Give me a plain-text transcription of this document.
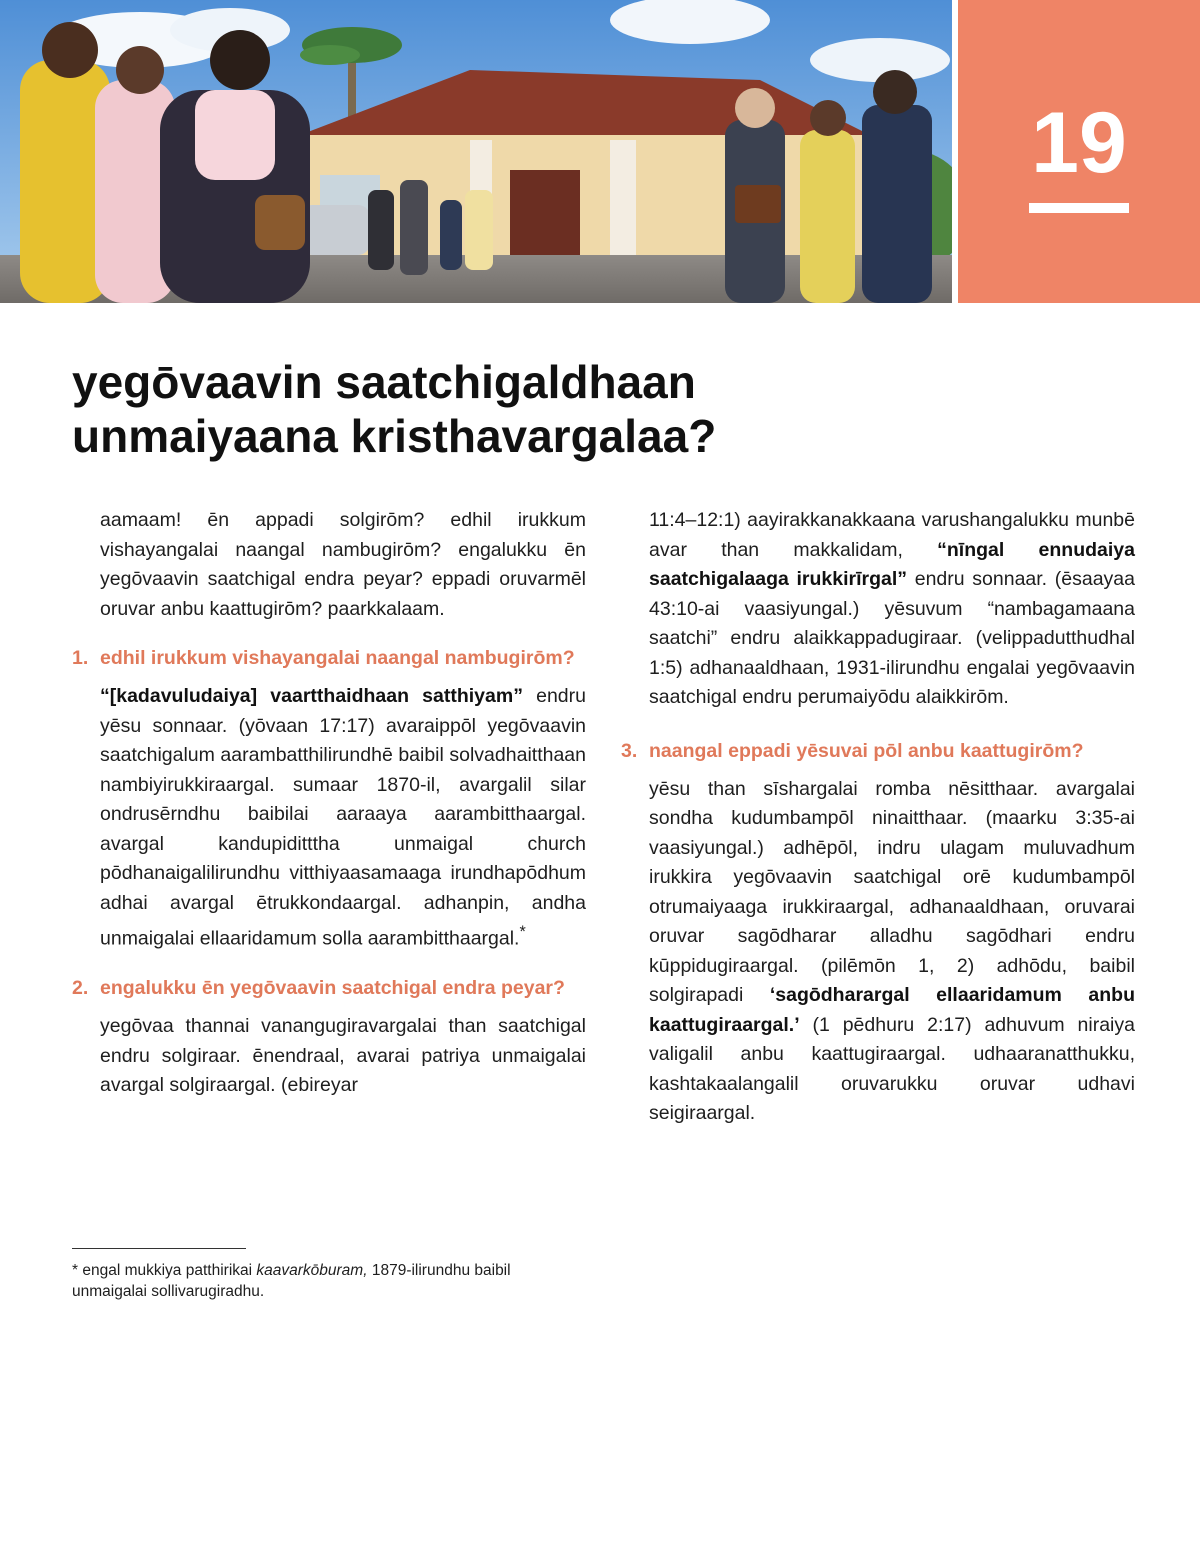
19
yegōvaavin saatchigaldhaan
unmaiyaana kristhavargalaa?

aamaam! ēn appadi solgirōm? edhil irukkum vishayangalai naangal nambugirōm? engalukku ēn yegōvaavin saatchigal endra peyar? eppadi oruvarmēl oruvar anbu kaattugirōm? paarkkalaam.

1. edhil irukkum vishayangalai naangal nambugirōm?

“[kadavuludaiya] vaartthaidhaan satthiyam” endru yēsu sonnaar. (yōvaan 17:17) avaraippōl yegōvaavin saatchigalum aarambatthilirundhē baibil solvadhaitthaan nambiyirukkiraargal. sumaar 1870-il, avargalil silar ondrusērndhu baibilai aaraaya aarambitthaargal. avargal kandupiditttha unmaigal church pōdhanaigalilirundhu vitthiyaasamaaga irundhapōdhum adhai avargal ētrukkondaargal. adhanpin, andha unmaigalai ellaaridamum solla aarambitthaargal.*

2. engalukku ēn yegōvaavin saatchigal endra peyar?

yegōvaa thannai vanangugiravargalai than saatchigal endru solgiraar. ēnendraal, avarai patriya unmaigalai avargal solgiraargal. (ebireyar

* engal mukkiya patthirikai kaavarkōburam, 1879-ilirundhu baibil unmaigalai sollivarugiradhu.

11:4–12:1) aayirakkanakkaana varushangalukku munbē avar than makkalidam, “nīngal ennudaiya saatchigalaaga irukkirīrgal” endru sonnaar. (ēsaayaa 43:10-ai vaasiyungal.) yēsuvum “nambagamaana saatchi” endru alaikkappadugiraar. (velippadutthudhal 1:5) adhanaaldhaan, 1931-ilirundhu engalai yegōvaavin saatchigal endru perumaiyōdu alaikkirōm.

3. naangal eppadi yēsuvai pōl anbu kaattugirōm?

yēsu than sīshargalai romba nēsitthaar. avargalai sondha kudumbampōl ninaitthaar. (maarku 3:35-ai vaasiyungal.) adhēpōl, indru ulagam muluvadhum irukkira yegōvaavin saatchigal orē kudumbampōl otrumaiyaaga irukkiraargal, adhanaaldhaan, oruvarai oruvar sagōdharar alladhu sagōdhari endru kūppidugiraargal. (pilēmōn 1, 2) adhōdu, baibil solgirapadi ‘sagōdharargal ellaaridamum anbu kaattugiraargal.’ (1 pēdhuru 2:17) adhuvum niraiya valigalil anbu kaattugiraargal. udhaaranatthukku, kashtakaalangalil oruvarukku oruvar udhavi seigiraargal.
